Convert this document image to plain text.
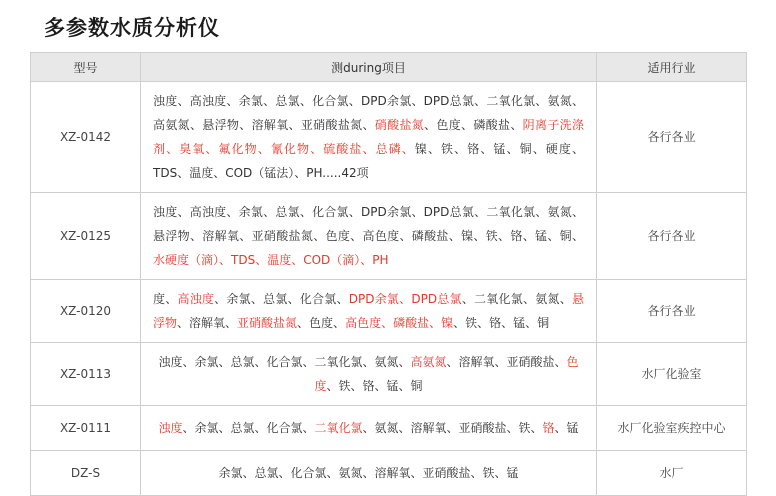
多参数水质分析仪
型号	测during项目	适用行业
XZ-0142	浊度、高浊度、余氯、总氯、化合氯、DPD余氯、DPD总氯、二氧化氯、氨氮、高氨氮、悬浮物、溶解氧、亚硝酸盐氮、硝酸盐氮、色度、磷酸盐、阴离子洗涤剂、臭氧、氟化物、氰化物、硫酸盐、总磷、镍、铁、铬、锰、铜、硬度、TDS、温度、COD（锰法）、PH.....42项	各行各业
XZ-0125	浊度、高浊度、余氯、总氯、化合氯、DPD余氯、DPD总氯、二氧化氯、氨氮、悬浮物、溶解氧、亚硝酸盐氮、色度、高色度、磷酸盐、镍、铁、铬、锰、铜、水硬度（滴）、TDS、温度、COD（滴）、PH	各行各业
XZ-0120	度、高浊度、余氯、总氯、化合氯、DPD余氯、DPD总氯、二氧化氯、氨氮、悬浮物、溶解氧、亚硝酸盐氮、色度、高色度、磷酸盐、镍、铁、铬、锰、铜	各行各业
XZ-0113	浊度、余氯、总氯、化合氯、二氧化氯、氨氮、高氨氮、溶解氧、亚硝酸盐、色度、铁、铬、锰、铜	水厂化验室
XZ-0111	浊度、余氯、总氯、化合氯、二氧化氯、氨氮、溶解氧、亚硝酸盐、铁、铬、锰	水厂化验室疾控中心
DZ-S	余氯、总氯、化合氯、氨氮、溶解氧、亚硝酸盐、铁、锰	水厂
